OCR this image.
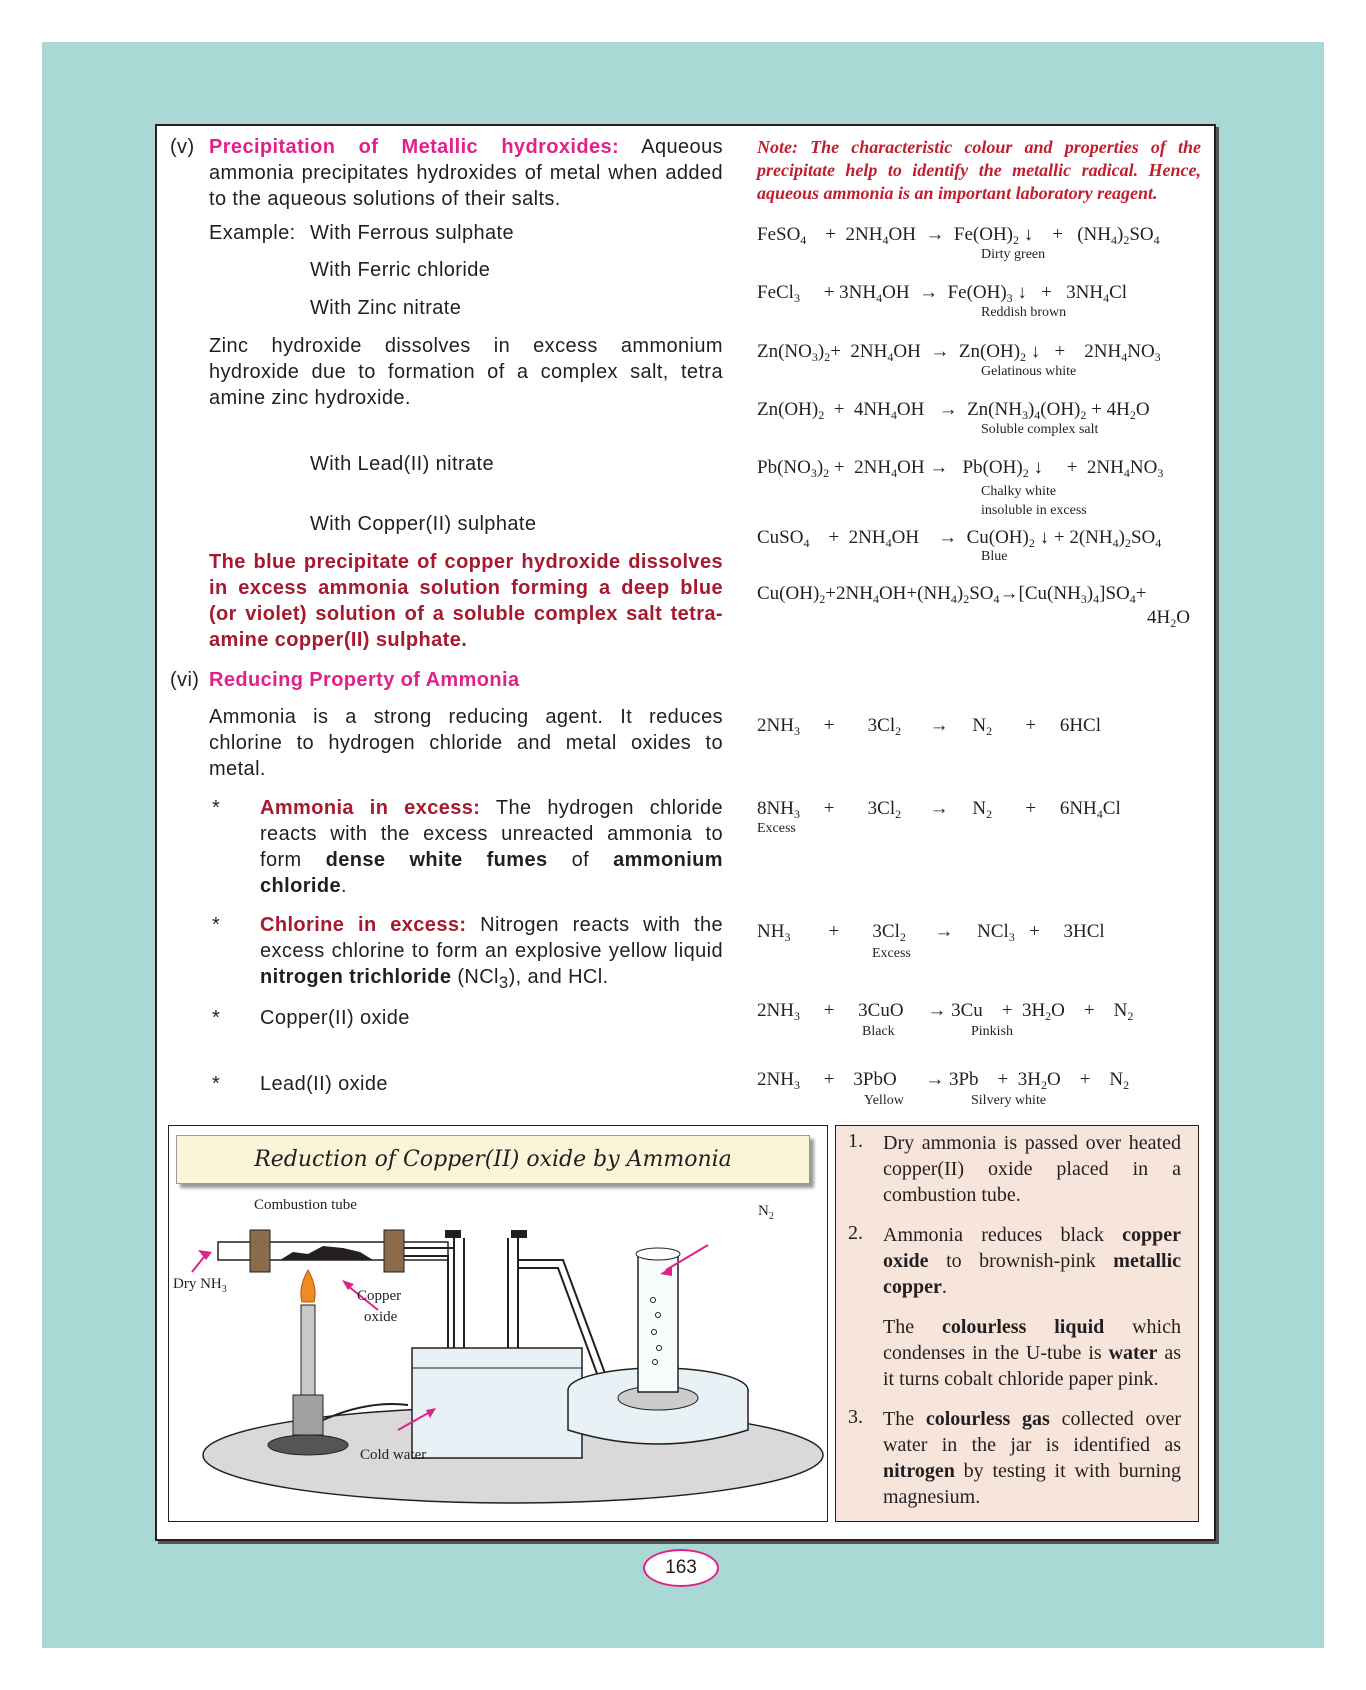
(v) Precipitation of Metallic hydroxides: Aqueous ammonia precipitates hydroxides of metal when added to the aqueous solutions of their salts.
Example: With Ferrous sulphate
With Ferric chloride
With Zinc nitrate
Zinc hydroxide dissolves in excess ammonium hydroxide due to formation of a complex salt, tetra amine zinc hydroxide.
With Lead(II) nitrate
With Copper(II) sulphate
The blue precipitate of copper hydroxide dissolves in excess ammonia solution forming a deep blue (or violet) solution of a soluble complex salt tetra-amine copper(II) sulphate.
Note: The characteristic colour and properties of the precipitate help to identify the metallic radical. Hence, aqueous ammonia is an important laboratory reagent.
FeSO$_4$    +  $2NH_4OH \to Fe(OH)_2$ ↓    +   $(NH_4)_2SO_4$
Dirty green
FeCl$_3$     + $3NH_4OH \to Fe(OH)_3$ ↓   +   $3NH_4Cl$
Reddish brown
$Zn(NO_3)_2+ 2NH_4OH \to Zn(OH)_2$ ↓   +    $2NH_4NO_3$
Gelatinous white
$Zn(OH)_2 + 4NH_4OH \to Zn(NH_3)_4(OH)_2 + 4H_2O$
Soluble complex salt
$Pb(NO_3)_2 + 2NH_4OH \to Pb(OH)_2$ ↓     +  $2NH_4NO_3$
Chalky white
insoluble in excess
CuSO$_4$    +  $2NH_4OH$    →  $Cu(OH)_2$ ↓ + $2(NH_4)_2SO_4$
Blue
$Cu(OH)_2+2NH_4OH+(NH_4)_2SO_4\to[Cu(NH_3)_4]SO_4+$
$4H_2O$
(vi) Reducing Property of Ammonia
Ammonia is a strong reducing agent. It reduces chlorine to hydrogen chloride and metal oxides to metal.
* Ammonia in excess: The hydrogen chloride reacts with the excess unreacted ammonia to form dense white fumes of ammonium chloride.
* Chlorine in excess: Nitrogen reacts with the excess chlorine to form an explosive yellow liquid nitrogen trichloride (NCl$_3$), and HCl.
* Copper(II) oxide
* Lead(II) oxide
$2NH_3$     +       $3Cl_2$      →     $N_2$       +     6HCl
$8NH_3$     +       $3Cl_2$      →     $N_2$       +     $6NH_4Cl$
Excess
$NH_3$        +       $3Cl_2$      →     NCl$_3$   +     3HCl
Excess
$2NH_3$     +     3CuO     → 3Cu    +  $3H_2O$    +    $N_2$
Black	Pinkish
$2NH_3$     +    3PbO      → 3Pb    +  $3H_2O$    +    $N_2$
Yellow	Silvery white
Reduction of Copper(II) oxide by Ammonia
Combustion tube
Dry $NH_3$	Copper
oxide
Cold water
$N_2$
1. Dry ammonia is passed over heated copper(II) oxide placed in a combustion tube.
2. Ammonia reduces black copper oxide to brownish-pink metallic copper.
The colourless liquid which condenses in the U-tube is water as it turns cobalt chloride paper pink.
3. The colourless gas collected over water in the jar is identified as nitrogen by testing it with burning magnesium.
163
